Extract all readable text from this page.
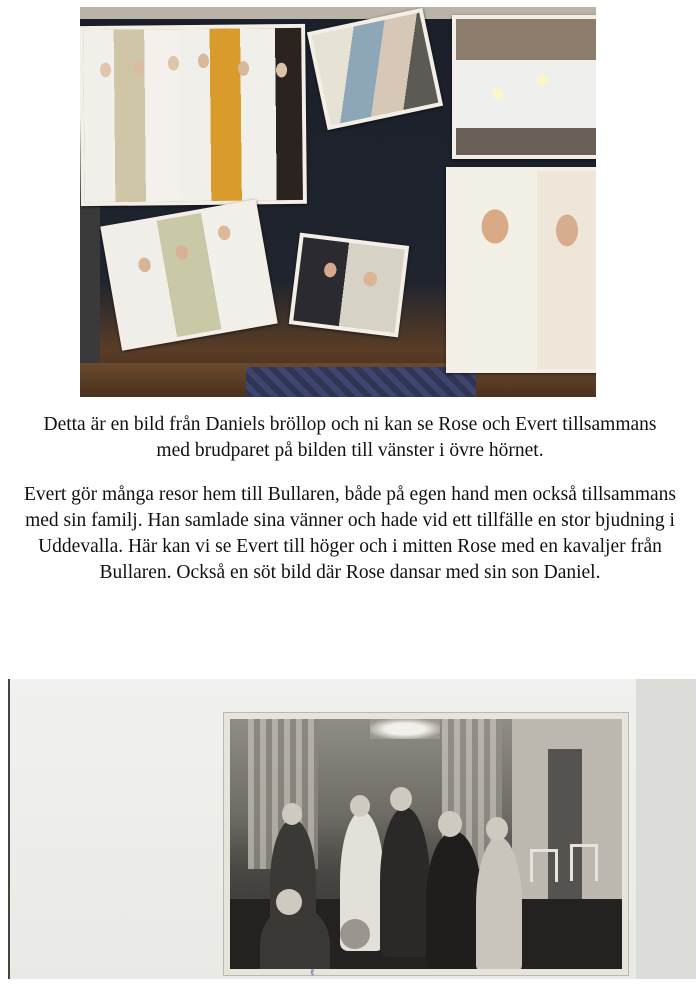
Detta är en bild från Daniels bröllop och ni kan se Rose och Evert tillsammans med brudparet på bilden till vänster i övre hörnet.

Evert gör många resor hem till Bullaren, både på egen hand men också tillsammans med sin familj. Han samlade sina vänner och hade vid ett tillfälle en stor bjudning i Uddevalla. Här kan vi se Evert till höger och i mitten Rose med en kavaljer från Bullaren. Också en söt bild där Rose dansar med sin son Daniel.

ℓ
